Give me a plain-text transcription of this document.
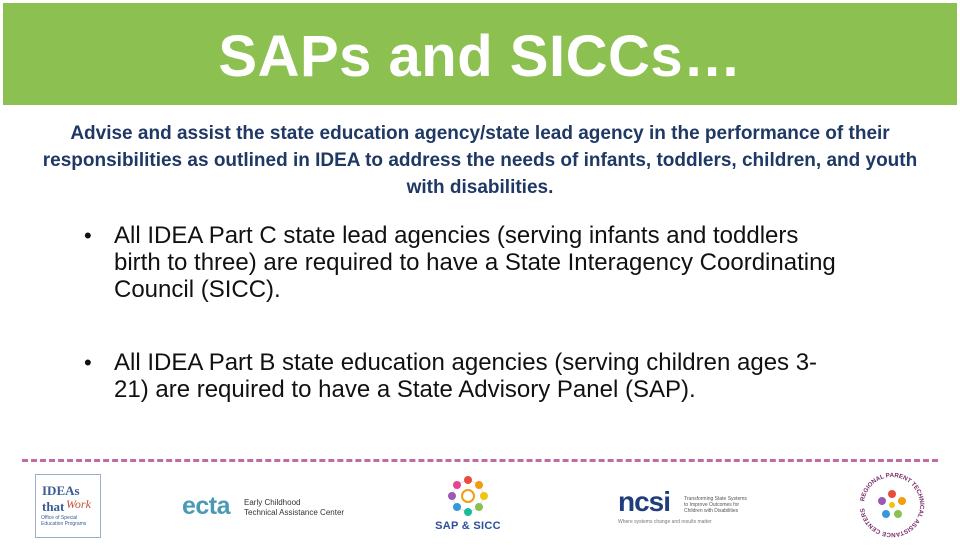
SAPs and SICCs…
Advise and assist the state education agency/state lead agency in the performance of their responsibilities as outlined in IDEA to address the needs of infants, toddlers, children, and youth with disabilities.
• All IDEA Part C state lead agencies (serving infants and toddlers birth to three) are required to have a State Interagency Coordinating Council (SICC).
• All IDEA Part B state education agencies (serving children ages 3-21) are required to have a State Advisory Panel (SAP).
IDEAs that Work
Office of Special Education Programs
ecta Early Childhood
Technical Assistance Center
SAP & SICC
ncsi	Transforming State Systems to Improve Outcomes for Children with Disabilities
Where systems change and results matter
REGIONAL PARENT TECHNICAL ASSISTANCE CENTERS
